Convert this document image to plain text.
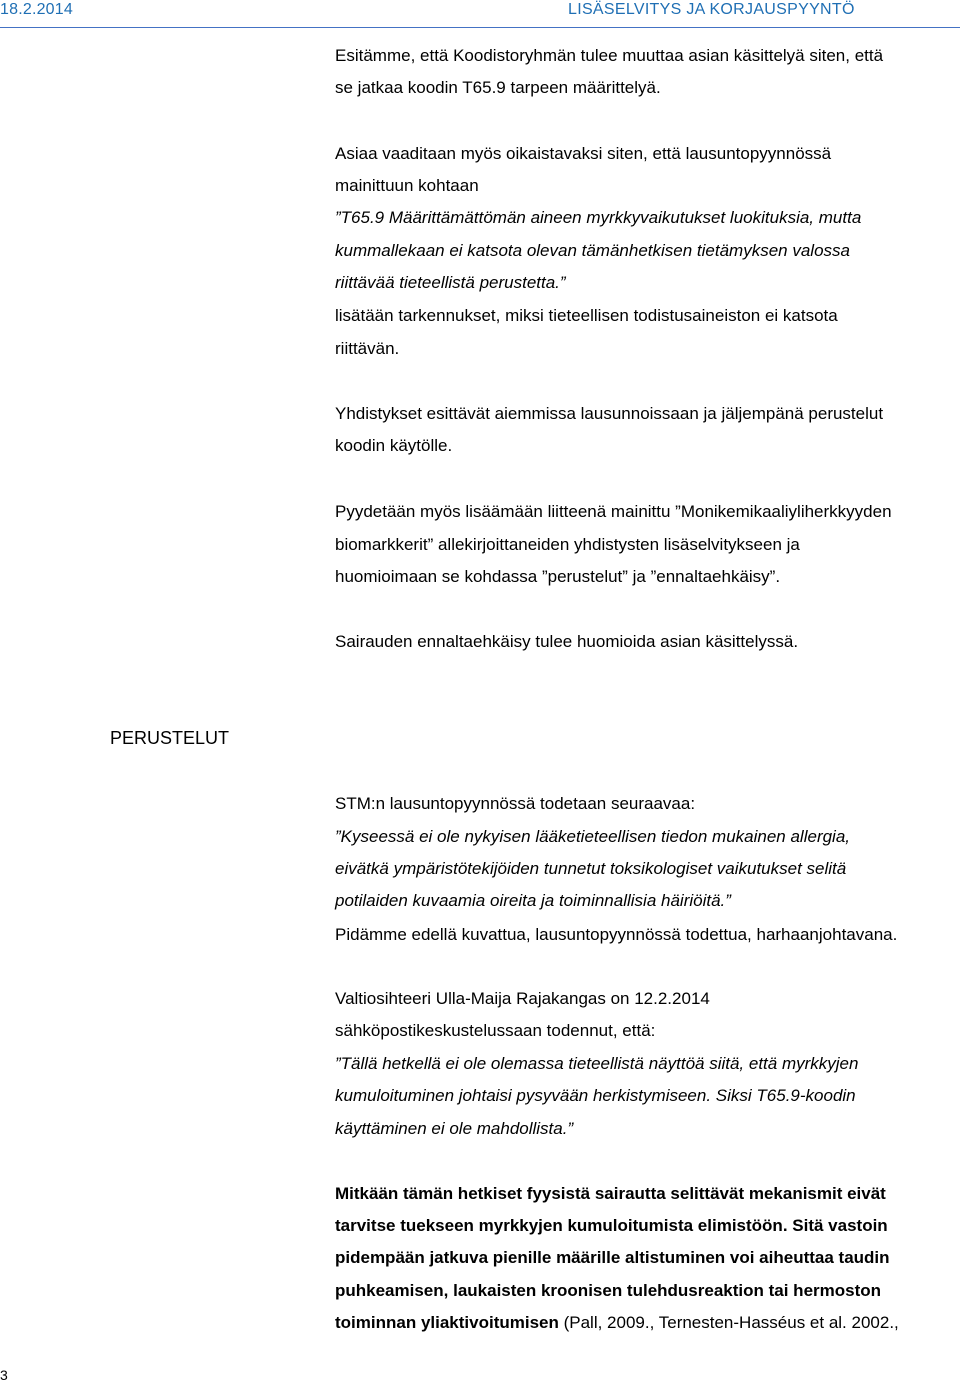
18.2.2014	LISÄSELVITYS JA KORJAUSPYYNTÖ
Esitämme, että Koodistoryhmän tulee muuttaa asian käsittelyä siten, että
se jatkaa koodin T65.9 tarpeen määrittelyä.
Asiaa vaaditaan myös oikaistavaksi siten, että lausuntopyynnössä
mainittuun kohtaan
”T65.9 Määrittämättömän aineen myrkkyvaikutukset luokituksia, mutta
kummallekaan ei katsota olevan tämänhetkisen tietämyksen valossa
riittävää tieteellistä perustetta.”
lisätään tarkennukset, miksi tieteellisen todistusaineiston ei katsota
riittävän.
Yhdistykset esittävät aiemmissa lausunnoissaan ja jäljempänä perustelut
koodin käytölle.
Pyydetään myös lisäämään liitteenä mainittu ”Monikemikaaliyliherkkyyden
biomarkkerit” allekirjoittaneiden yhdistysten lisäselvitykseen ja
huomioimaan se kohdassa ”perustelut” ja ”ennaltaehkäisy”.
Sairauden ennaltaehkäisy tulee huomioida asian käsittelyssä.
PERUSTELUT
STM:n lausuntopyynnössä todetaan seuraavaa:
”Kyseessä ei ole nykyisen lääketieteellisen tiedon mukainen allergia,
eivätkä ympäristötekijöiden tunnetut toksikologiset vaikutukset selitä
potilaiden kuvaamia oireita ja toiminnallisia häiriöitä.”
Pidämme edellä kuvattua, lausuntopyynnössä todettua, harhaanjohtavana.
Valtiosihteeri Ulla-Maija Rajakangas on 12.2.2014
sähköpostikeskustelussaan todennut, että:
”Tällä hetkellä ei ole olemassa tieteellistä näyttöä siitä, että myrkkyjen
kumuloituminen johtaisi pysyvään herkistymiseen. Siksi T65.9-koodin
käyttäminen ei ole mahdollista.”
Mitkään tämän hetkiset fyysistä sairautta selittävät mekanismit eivät
tarvitse tuekseen myrkkyjen kumuloitumista elimistöön. Sitä vastoin
pidempään jatkuva pienille määrille altistuminen voi aiheuttaa taudin
puhkeamisen, laukaisten kroonisen tulehdusreaktion tai hermoston
toiminnan yliaktivoitumisen (Pall, 2009., Ternesten-Hasséus et al. 2002.,
3
